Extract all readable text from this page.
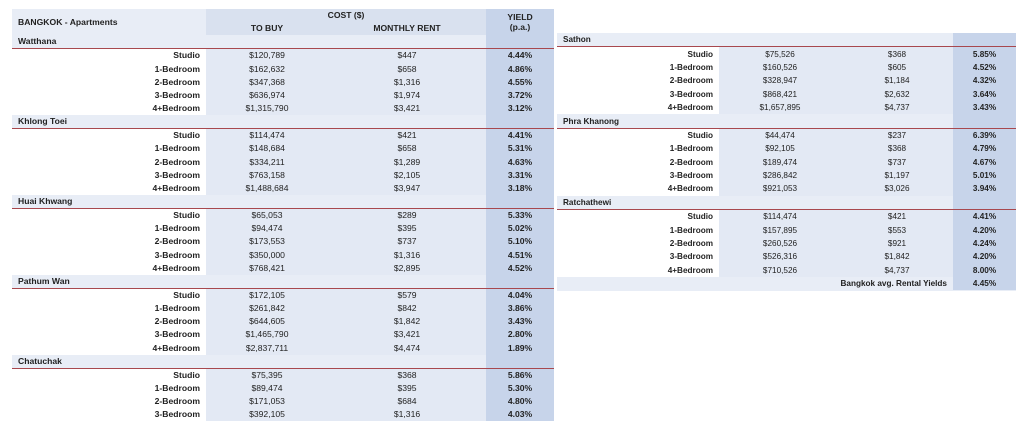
BANGKOK - Apartments	COST ($)		YIELD
(p.a.)
	TO BUY	MONTHLY RENT	
Watthana			
Studio	$120,789	$447	4.44%
1-Bedroom	$162,632	$658	4.86%
2-Bedroom	$347,368	$1,316	4.55%
3-Bedroom	$636,974	$1,974	3.72%
4+Bedroom	$1,315,790	$3,421	3.12%
Khlong Toei			
Studio	$114,474	$421	4.41%
1-Bedroom	$148,684	$658	5.31%
2-Bedroom	$334,211	$1,289	4.63%
3-Bedroom	$763,158	$2,105	3.31%
4+Bedroom	$1,488,684	$3,947	3.18%
Huai Khwang			
Studio	$65,053	$289	5.33%
1-Bedroom	$94,474	$395	5.02%
2-Bedroom	$173,553	$737	5.10%
3-Bedroom	$350,000	$1,316	4.51%
4+Bedroom	$768,421	$2,895	4.52%
Pathum Wan			
Studio	$172,105	$579	4.04%
1-Bedroom	$261,842	$842	3.86%
2-Bedroom	$644,605	$1,842	3.43%
3-Bedroom	$1,465,790	$3,421	2.80%
4+Bedroom	$2,837,711	$4,474	1.89%
Chatuchak			
Studio	$75,395	$368	5.86%
1-Bedroom	$89,474	$395	5.30%
2-Bedroom	$171,053	$684	4.80%
3-Bedroom	$392,105	$1,316	4.03%
Sathon			
Studio	$75,526	$368	5.85%
1-Bedroom	$160,526	$605	4.52%
2-Bedroom	$328,947	$1,184	4.32%
3-Bedroom	$868,421	$2,632	3.64%
4+Bedroom	$1,657,895	$4,737	3.43%
Phra Khanong			
Studio	$44,474	$237	6.39%
1-Bedroom	$92,105	$368	4.79%
2-Bedroom	$189,474	$737	4.67%
3-Bedroom	$286,842	$1,197	5.01%
4+Bedroom	$921,053	$3,026	3.94%
Ratchathewi			
Studio	$114,474	$421	4.41%
1-Bedroom	$157,895	$553	4.20%
2-Bedroom	$260,526	$921	4.24%
3-Bedroom	$526,316	$1,842	4.20%
4+Bedroom	$710,526	$4,737	8.00%
Bangkok avg. Rental Yields			4.45%
